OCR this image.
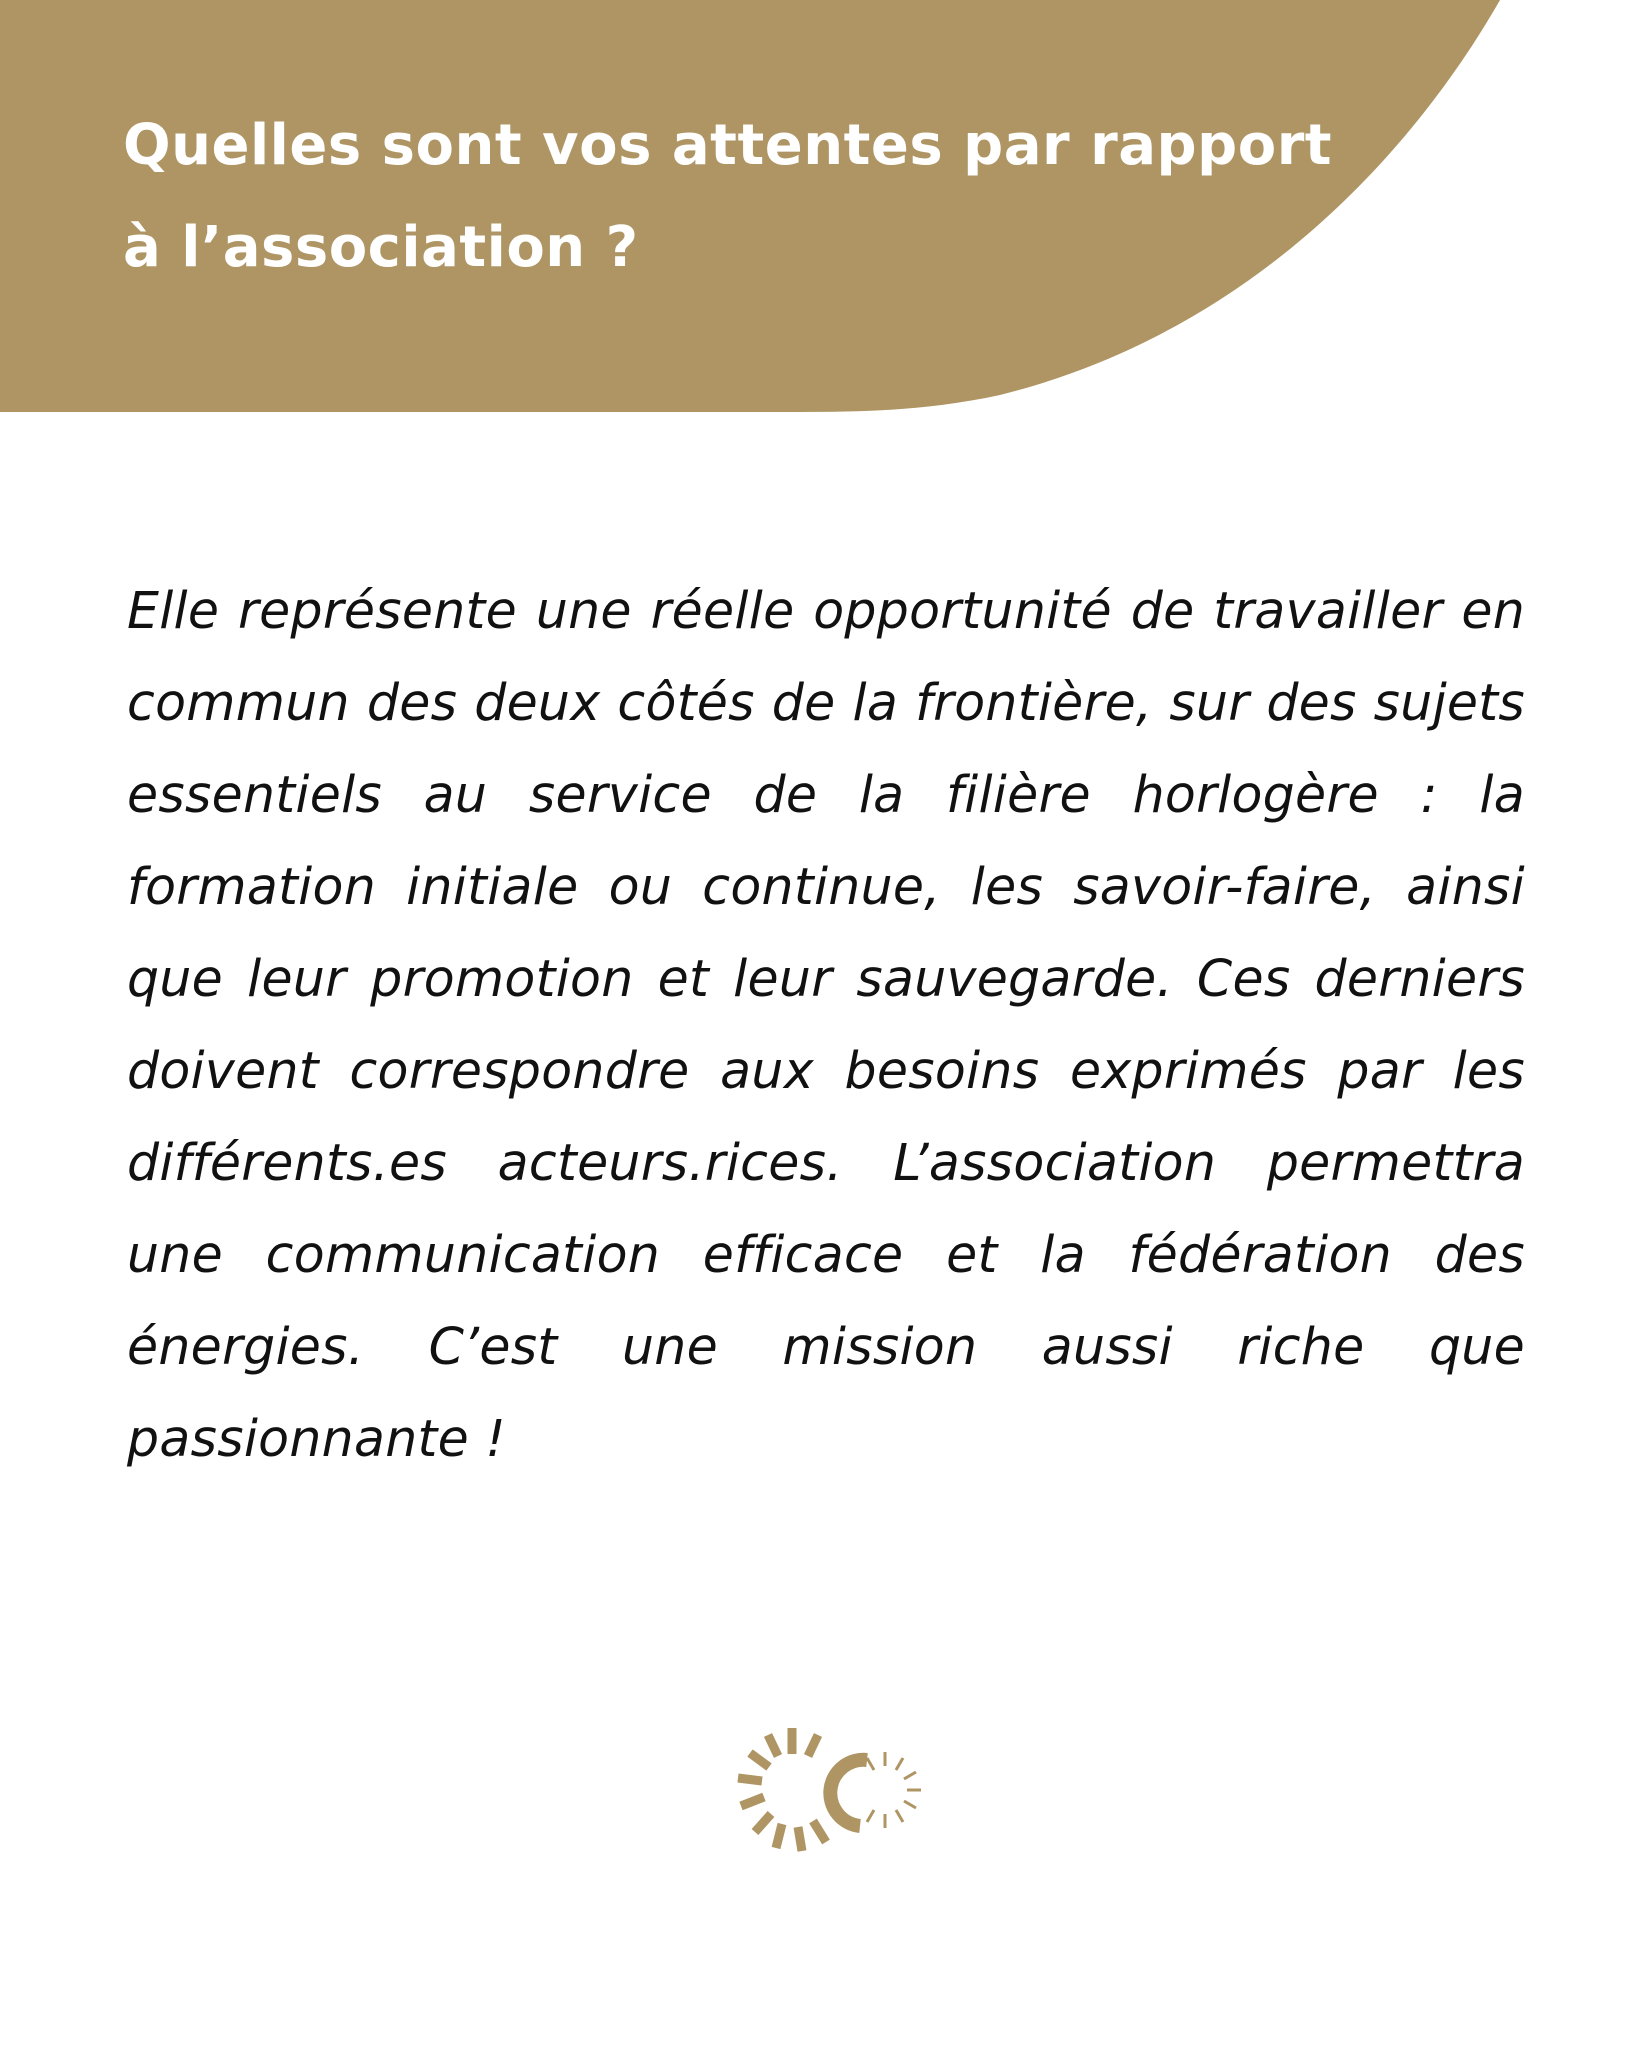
Quelles sont vos attentes par rapport à l’association ?

Elle représente une réelle opportunité de travailler en commun des deux côtés de la frontière, sur des sujets essentiels au service de la filière horlogère : la formation initiale ou continue, les savoir-faire, ainsi que leur promotion et leur sauvegarde. Ces derniers doivent correspondre aux besoins exprimés par les différents.es acteurs.rices. L’association permettra une communication efficace et la fédération des énergies. C’est une mission aussi riche que passionnante !
